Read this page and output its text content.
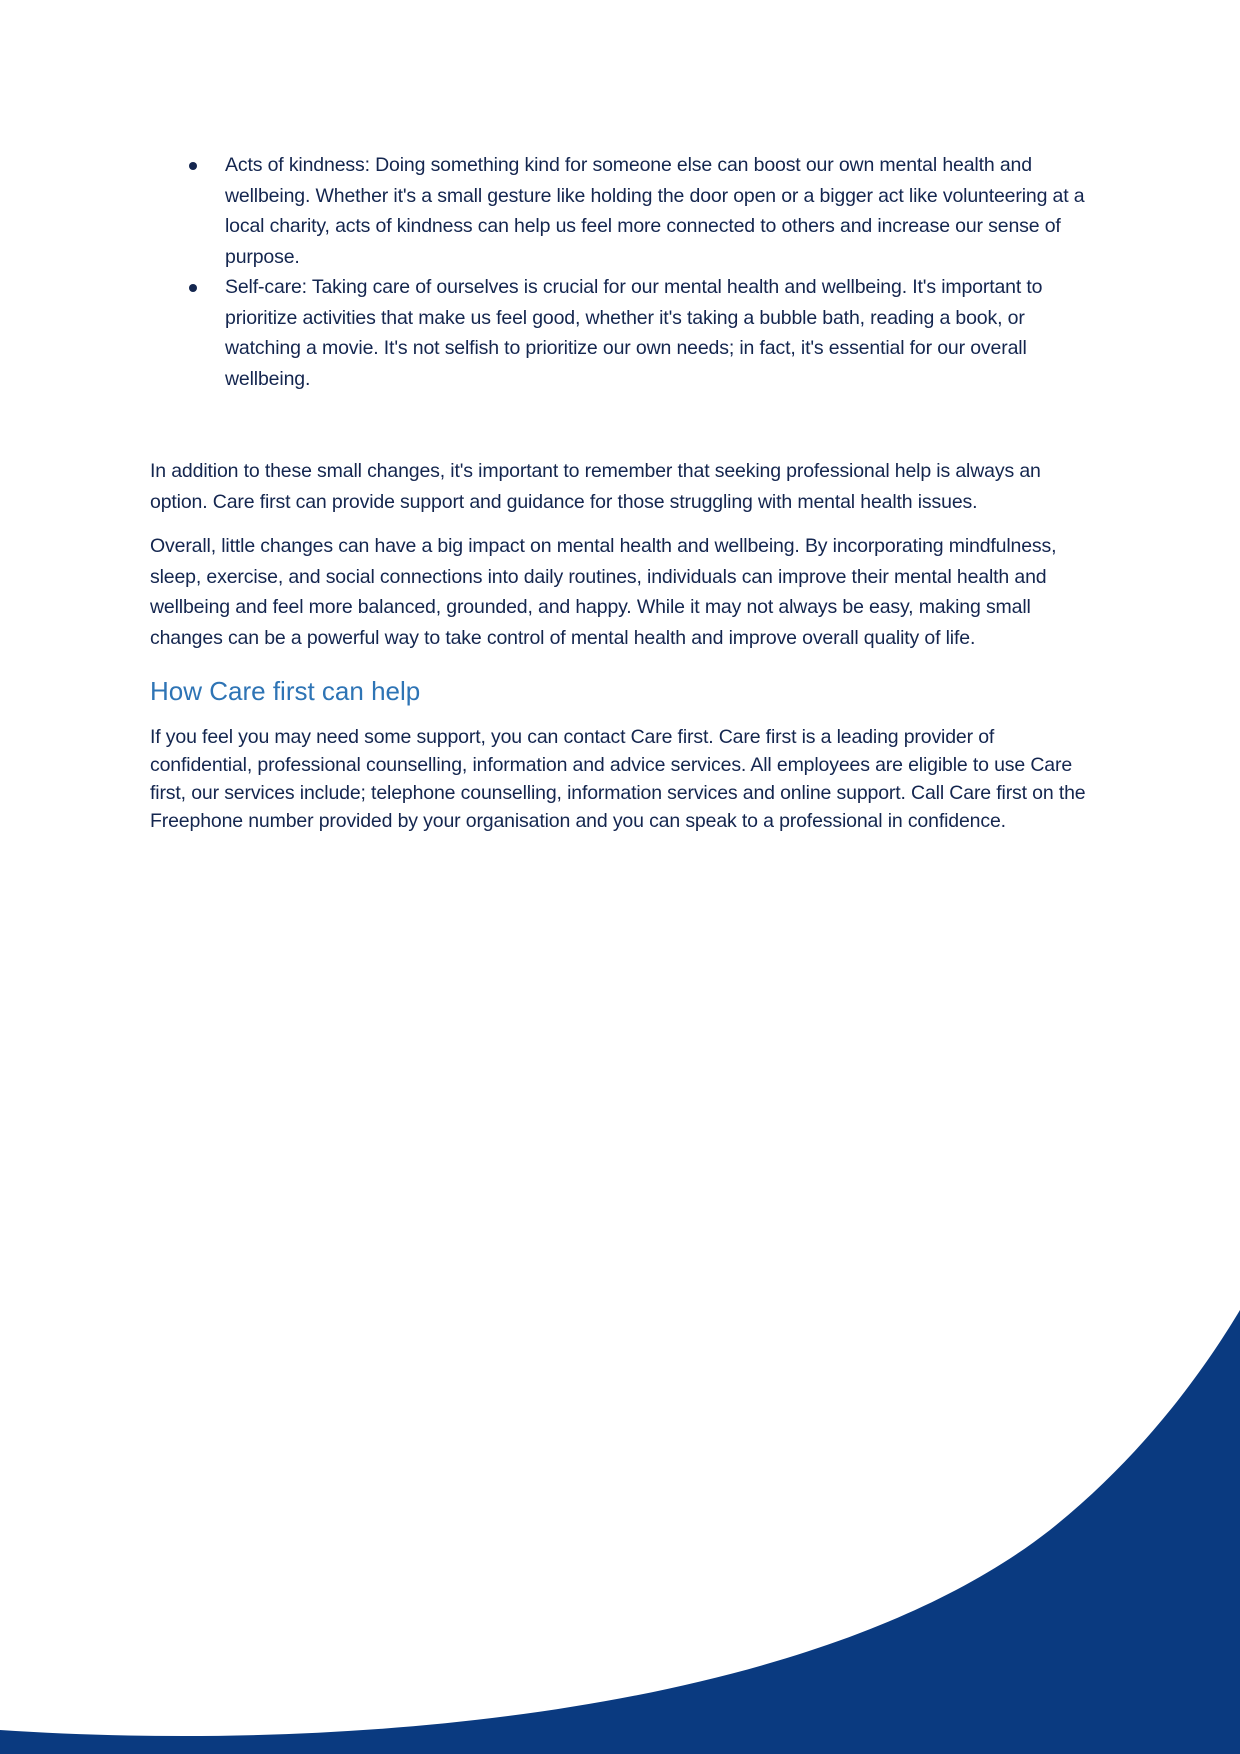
Acts of kindness: Doing something kind for someone else can boost our own mental health and wellbeing. Whether it's a small gesture like holding the door open or a bigger act like volunteering at a local charity, acts of kindness can help us feel more connected to others and increase our sense of purpose.
Self-care: Taking care of ourselves is crucial for our mental health and wellbeing. It's important to prioritize activities that make us feel good, whether it's taking a bubble bath, reading a book, or watching a movie. It's not selfish to prioritize our own needs; in fact, it's essential for our overall wellbeing.

In addition to these small changes, it's important to remember that seeking professional help is always an option. Care first can provide support and guidance for those struggling with mental health issues.

Overall, little changes can have a big impact on mental health and wellbeing. By incorporating mindfulness, sleep, exercise, and social connections into daily routines, individuals can improve their mental health and wellbeing and feel more balanced, grounded, and happy. While it may not always be easy, making small changes can be a powerful way to take control of mental health and improve overall quality of life.

How Care first can help

If you feel you may need some support, you can contact Care first. Care first is a leading provider of confidential, professional counselling, information and advice services. All employees are eligible to use Care first, our services include; telephone counselling, information services and online support. Call Care first on the Freephone number provided by your organisation and you can speak to a professional in confidence.
